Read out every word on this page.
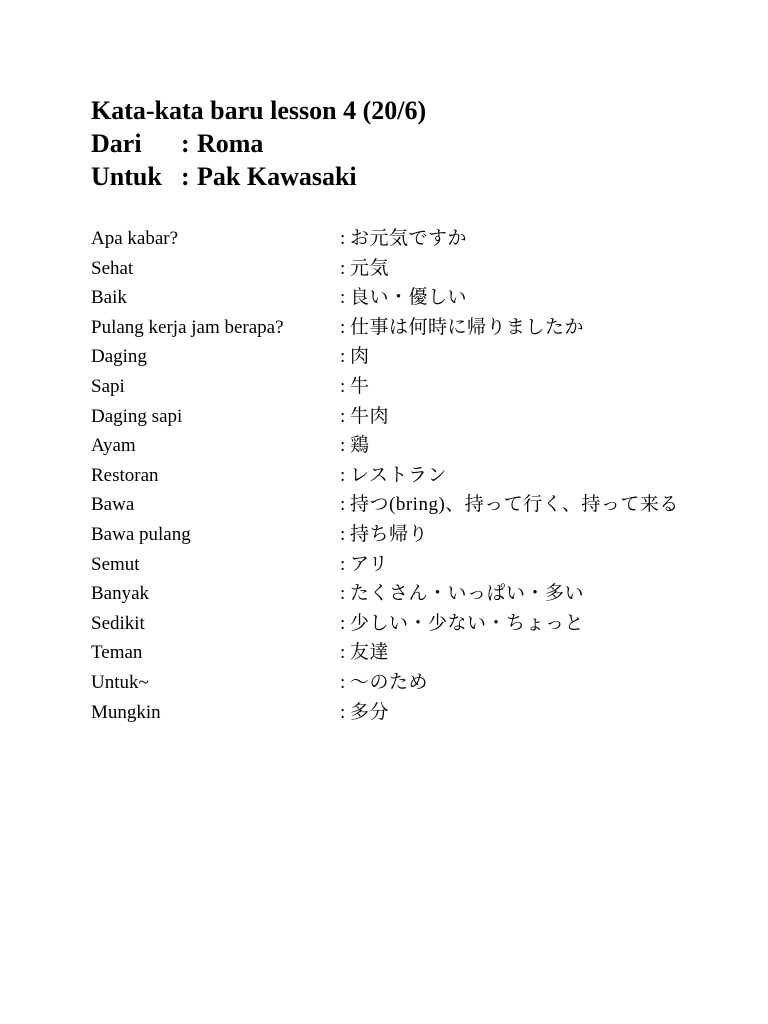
Kata-kata baru lesson 4 (20/6)
Dari	: Roma
Untuk : Pak Kawasaki
Apa kabar?	: お元気ですか
Sehat	: 元気
Baik	: 良い・優しい
Pulang kerja jam berapa?	: 仕事は何時に帰りましたか
Daging	: 肉
Sapi	: 牛
Daging sapi	: 牛肉
Ayam	: 鶏
Restoran	: レストラン
Bawa	: 持つ(bring)、持って行く、持って来る
Bawa pulang	: 持ち帰り
Semut	: アリ
Banyak	: たくさん・いっぱい・多い
Sedikit	: 少しい・少ない・ちょっと
Teman	: 友達
Untuk~	: ～のため
Mungkin	: 多分
